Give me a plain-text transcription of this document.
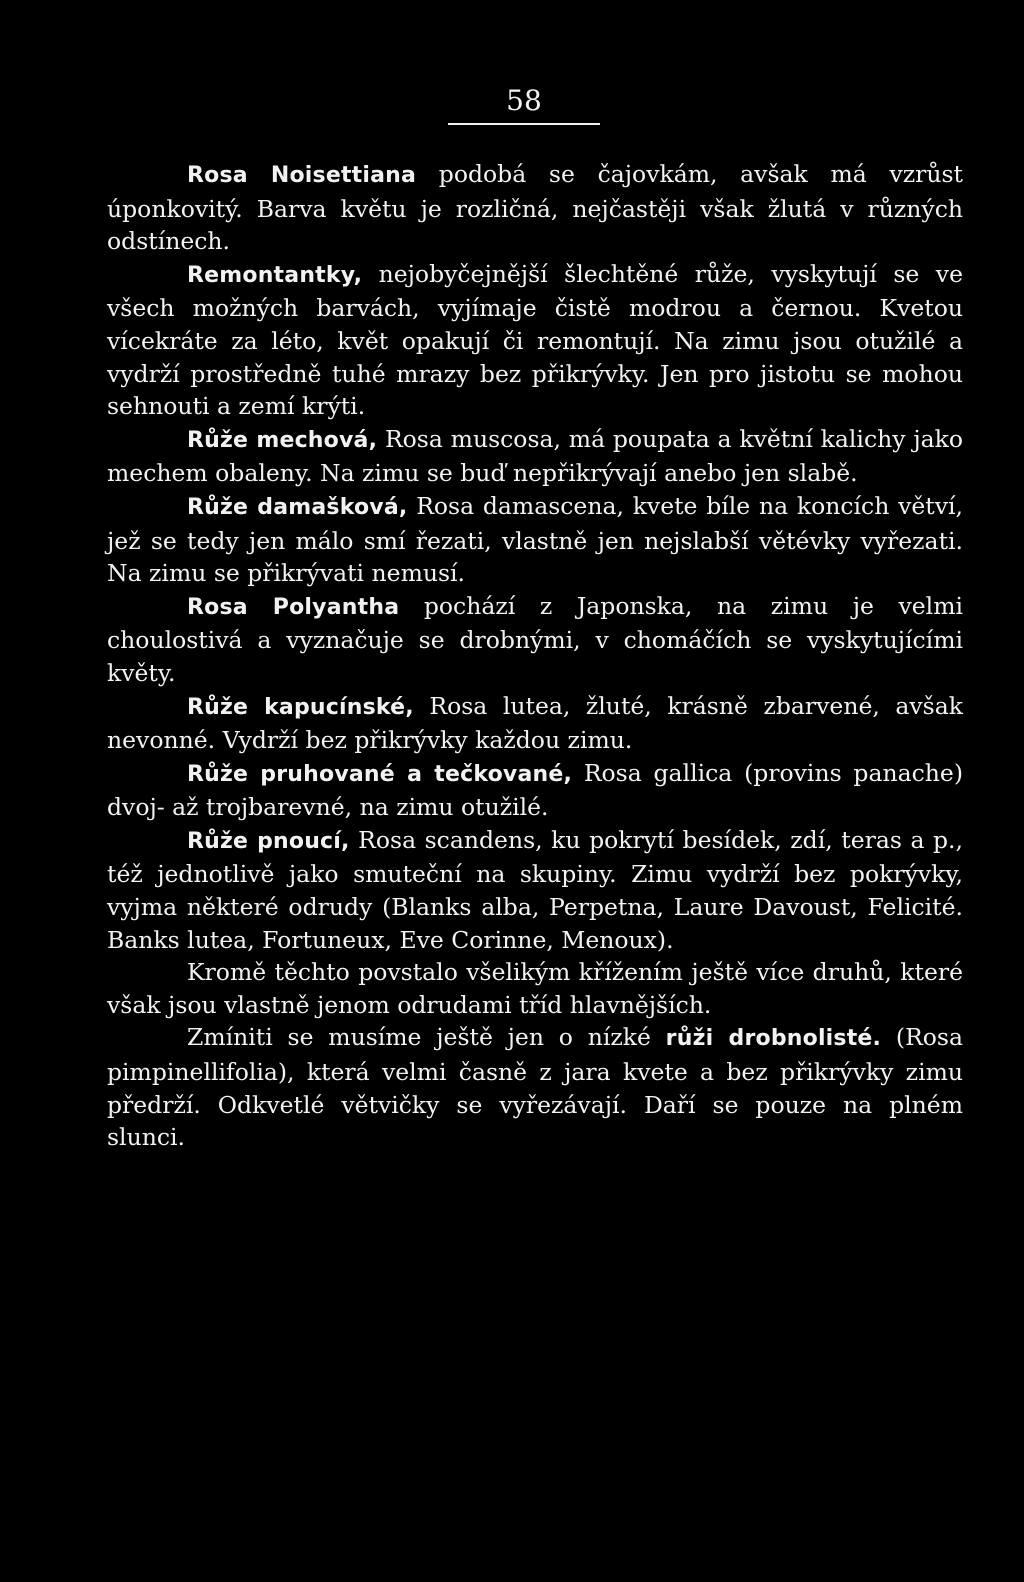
58

Rosa Noisettiana podobá se čajovkám, avšak má vzrůst úponkovitý. Barva květu je rozličná, nejčastěji však žlutá v různých odstínech.

Remontantky, nejobyčejnější šlechtěné růže, vyskytují se ve všech možných barvách, vyjímaje čistě modrou a černou. Kvetou vícekráte za léto, květ opakují či remontují. Na zimu jsou otužilé a vydrží prostředně tuhé mrazy bez přikrývky. Jen pro jistotu se mohou sehnouti a zemí krýti.

Růže mechová, Rosa muscosa, má poupata a květní kalichy jako mechem obaleny. Na zimu se buď nepřikrývají anebo jen slabě.

Růže damašková, Rosa damascena, kvete bíle na koncích větví, jež se tedy jen málo smí řezati, vlastně jen nejslabší větévky vyřezati. Na zimu se přikrývati nemusí.

Rosa Polyantha pochází z Japonska, na zimu je velmi choulostivá a vyznačuje se drobnými, v chomáčích se vyskytujícími květy.

Růže kapucínské, Rosa lutea, žluté, krásně zbarvené, avšak nevonné. Vydrží bez přikrývky každou zimu.

Růže pruhované a tečkované, Rosa gallica (provins panache) dvoj- až trojbarevné, na zimu otužilé.

Růže pnoucí, Rosa scandens, ku pokrytí besídek, zdí, teras a p., též jednotlivě jako smuteční na skupiny. Zimu vydrží bez pokrývky, vyjma některé odrudy (Blanks alba, Perpetna, Laure Davoust, Felicité. Banks lutea, Fortuneux, Eve Corinne, Menoux).

Kromě těchto povstalo všelikým křížením ještě více druhů, které však jsou vlastně jenom odrudami tříd hlavnějších.

Zmíniti se musíme ještě jen o nízké růži drobnolisté. (Rosa pimpinellifolia), která velmi časně z jara kvete a bez přikrývky zimu předrží. Odkvetlé větvičky se vyřezávají. Daří se pouze na plném slunci.
